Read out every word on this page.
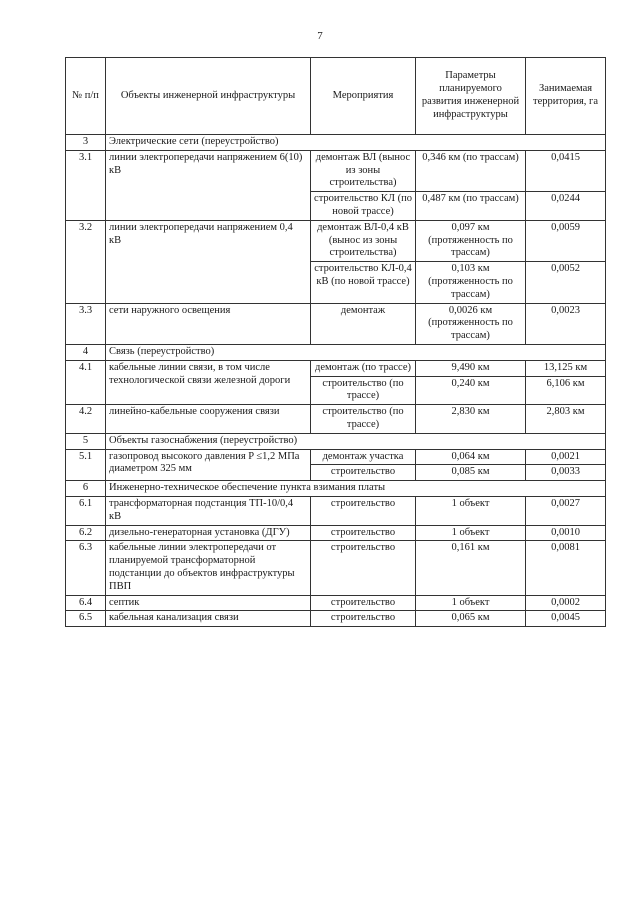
7
№ п/п	Объекты инженерной инфраструктуры	Мероприятия	Параметры планируемого развития инженерной инфраструктуры	Занимаемая территория, га
3	Электрические сети (переустройство)			
3.1	линии электропередачи напряжением 6(10) кВ	демонтаж ВЛ (вынос из зоны строительства)	0,346 км (по трассам)	0,0415
		строительство КЛ (по новой трассе)	0,487 км (по трассам)	0,0244
3.2	линии электропередачи напряжением 0,4 кВ	демонтаж ВЛ-0,4 кВ (вынос из зоны строительства)	0,097 км (протяженность по трассам)	0,0059
		строительство КЛ-0,4 кВ (по новой трассе)	0,103 км (протяженность по трассам)	0,0052
3.3	сети наружного освещения	демонтаж	0,0026 км (протяженность по трассам)	0,0023
4	Связь (переустройство)			
4.1	кабельные линии связи, в том числе технологической связи железной дороги	демонтаж (по трассе)	9,490 км	13,125 км
		строительство (по трассе)	0,240 км	6,106 км
4.2	линейно-кабельные сооружения связи	строительство (по трассе)	2,830 км	2,803 км
5	Объекты газоснабжения (переустройство)			
5.1	газопровод высокого давления P ≤1,2 МПа диаметром 325 мм	демонтаж участка	0,064 км	0,0021
		строительство	0,085 км	0,0033
6	Инженерно-техническое обеспечение пункта взимания платы			
6.1	трансформаторная подстанция ТП-10/0,4 кВ	строительство	1 объект	0,0027
6.2	дизельно-генераторная установка (ДГУ)	строительство	1 объект	0,0010
6.3	кабельные линии электропередачи от планируемой трансформаторной подстанции до объектов инфраструктуры ПВП	строительство	0,161 км	0,0081
6.4	септик	строительство	1 объект	0,0002
6.5	кабельная канализация связи	строительство	0,065 км	0,0045
